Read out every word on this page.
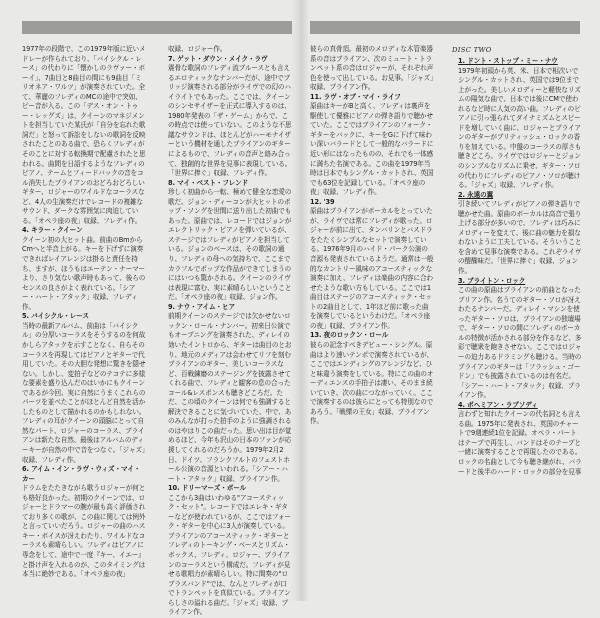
DISC TWO
1977年の段階で、この1979年版に近いメドレーが作られており、「バイシクル・レース」の代わりに「懐かしのラヴァー・ボーイ」、7曲目と8曲目の間にも9曲目「ミリオネア・ワルツ」が演奏されていた。全て、華麗のフレディのMCの途中で突如、ピー音が入る。この「デス・オン・トゥー・レッグズ」は、クイーンのマネジメントを担当していた某氏が「自分を忘れた歌詞だ」と怒って訴訟をしないの歌詞を反映されたことのある曲で、恐らくフレディがそのことに対する転換期で配慮されたと思われる。曲間を日語するようなフレディのピアノ、テームとフィードバックの音をコル消失したブライアンのおどろおどろしいギター、ロジャーのワイルドなコーラスなど、4人の生演奏だけでレコードの複雑なサウンド、ダークな雰囲気に肉迫している。「オペラ座の夜」収録、フレディ作。
4. キラー・クイーン
クイーン初の大ヒット曲。前曲のBmからCmへと半音上がる。キーを下げずに演奏できればレイアレンジは掛ると責任を持ち、ますが、ほうもはエーテン・ナーマーより、さり気ない歌声時もあって、後らのセンスの良さがよく表れている。「シアー・ハート・アタック」収録、フレディ作。
5. バイシクル・レース
当時の最新アルバム、前曲は「バイシクル」の分厚いコーラスをそうするのを何故かしらアタックを示すことなく、自らそのコーラスを再現してはピアノとギターで代用していた。その大胆な発想に驚きを隠せない。しかし、変拍子などのテコテに多様な要素を盛り込んだのはいかにもクイーンであるが今回、実に自然にうまくこれらのパーツを並べたことがほとんど自然を活かしたものとして描かれるのかもしれない。フレディの耳がクイーンの頭脳にとって自然なパート、ロジャーのコーラス、ブライアンは新たな自然、最後はアルバムのディーキーが自然の中で音をつなぐ。「ジャズ」収録、フレディ作。
6. アイム・イン・ラヴ・ウィズ・マイ・カー
ドラムをたたきながら歌うロジャーが何とも格好良かった。初期のクイーンでは、ロジャーとドラマーの腕が最も高く評価されており多くの歌が、この曲に関しては例外と言っていいだろう。ロジャーの曲のハスキー・ボイスが冴えわたり、ワイルドなコーラスも素晴らしい。フレディはピアノに専念をして、途中で一度『キー、イエー』と掛け声を入れるのが、このタイミングは本当に絶妙である。「オペラ座の夜」
収録、ロジャー作。
7. ゲット・ダウン・メイク・ラヴ
震骨な歌詞のフレディ流ブルースとも言えるエロティックなナンバーだが、途中でブリッジ演奏される部分がライヴでの幻のハイライトでもあった。ここでは、クイーンのシンセサイザーを正式に導入するのは、1980年発表の「ザ・ゲーム」からで、この時点では使っていない。このような不思議なサウンドは、ほとんどがハーモナイザーという機材を通したブライアンのギターによるもので、フレディの音声と絡み合って、独創的な世界を見事に表現している。「世界に捧ぐ」収録、フレディ作。
8. マイ・ベスト・フレンド
珍しく初曲から一転、極めて健全な恋愛の歌だ。ジョン・ディーコンが大ヒットのポップ・ソングを世間に送り出した初曲でもあった。原曲では、レコードではジョンがエレクトリック・ピアノを弾いているが、ステージではフレディがピアノを担当している。ジョンのベースは、その歌詞の通り、フレディの母への気持ちで、ここまでカラフルでポップな作品ができてしまうのにはいつも驚かされる。クイーンのライヴは表現に富む、実に素晴らしいということだ。「オペラ座の夜」収録、ジョン作。
9. ナウ・アイム・ヒア
前期クイーンのステージでは欠かせないロックン・ロール・ナンバー。初来日公演でもオープニングを演奏された、ディレイの効いたイントロから、ギターは曲目のとおり、地元のメディアは会わせてリフを刻むブライアンのギター、美しいコーラスなど、百戦錬磨のステージングを披露させてくれる曲で、フレディと観客の息の合ったコール&レスポンスも聴きどころだ。ただ、この頃のクイーンは何でも強調すると解決できることに気づいていた、中で、あのみんなが打った拍手のように強調されるのはやはりこの曲だった。思い出は目が覚めるほど、今年も沢山の日本のファンが応援してくれるのだろうか。1979年2月2日、ドイツ、フランクフルトのフェストホール公演の音源といわれる。「シアー・ハート・アタック」収録、ブライアン作。
10. ドリーマーズ・ボール
ここから3曲はいわゆる"アコースティック・セット"。レコードではエレキ・ギターなどが使われているが、ここではフォーク・ギターを中心に3人が演奏している。ブライアンのアコースティック・ギターとフレディのトーキング・ベースとリズム・ボックス、フレディ、ロジャー、ブライアンのコーラスという構成だ。フレディが見せる歌唱力が素晴らしい。特に間奏の"ロブラスバンド"では、なんとフレディが口でトランペットを真似ている。ブライアンらしさの溢れる曲だ。「ジャズ」収録、ブライアン作。
彼らの真骨頂。最初のメロディな木管楽器系の音はブライアン、次のミュート・トランペット系の音はロジャーが、それぞれ声色を使って出している。お見事。「ジャズ」収録、ブライアン作。
11. ラヴ・オブ・マイ・ライフ
原曲はキーがBと高く、フレディは裏声を駆使して優雅にピアノの弾き語りで聴かせていた。ここではブライアンのフォーク・ギターをバックに、キーをGに下げて味わい深いバラードとして一般的なバラードに近い形にはなったものの、それでも一体感に満ちた名演である。この曲を1979年当時は日本でもシングル・カットされ、英国でも63位を記録している。「オペラ座の夜」収録、フレディ作。
12. '39
原曲はブライアンがボーカルをとっていたが、ライヴでは常にフレディが歌った。ロジャーが前に出て、タンバリンとバスドラをたたくシンプルなセットで演奏している。1976年9月のハイド・パーク公演の音源も発表されているようだ。通常は一般的なカントリー風味のアコースティックな演奏に加え、フレディは楽曲の内容に合わせたような歌い方もしている。ここでは1曲目はステージのアコースティック・セットの2曲目として、1年ほど前に歌った曲を演奏しているというわけだ。「オペラ座の夜」収録、ブライアン作。
13. 夜のロックン・ロール
彼らの記念すべきデビュー・シングル。原曲はより速いテンポで演奏されているが、ここではエンディングのアレンジなど、ひと味違う演奏をしている。特にこの曲のオーディエンスの手拍子は凄い、そのまま続いていき、次の曲につながっていく。ここで演奏するのは彼らにとっても特別なのであろう。「戦慄の王女」収録、ブライアン作。
1. ドント・ストップ・ミー・ナウ
1979年初頭から英、米、日本で相次いでシングル・カットされ、英国では9位まで上がった。美しいメロディーと軽快なリズムの陽気な曲で、日本では後にCMで使われるなど時に人気の高い曲。フレディのピアノに引っ張られてダイナミズムとスピードを増していく曲に、ロジャーとブライアンのギターがブリティッシュ・ロックの香りを加えている。中盤のコーラスの厚さも聴きどころ。ライヴではロジャーとジョンのシンプルなリズムに乗せ、ギター・ソロの代わりにフレディのピアノ・ソロが聴ける。「ジャズ」収録、フレディ作。
2. 永遠の翼
引き続いてフレディがピアノの弾き語りで聴かせた曲。原曲のボーカルは高音で張り上げる部分が多いので、フレディは巧みにメロディーを変えて、後に曲の魅力を損なわないように工夫している。そういうことを含めて見事な演奏である。これぞライヴの醍醐味だ。「世界に捧ぐ」収録、ジョン作。
3. ブライトン・ロック
この曲の原曲はブライアンの前曲となったブリアン作。名うてのギター・ソロが冴えわたるナンバーだ。ディレイ・マシンを使ったギター・ソロは、ブライアンの独壇場で、ギター・ソロの間にフレディのボーカルの特徴が活かされる部分を作るなど、多彩で聴衆を飽きさせない。ここではロジャーの迫力あるドラミングも聴ける。当時のブライアンのギターは「フラッシュ・ゴードン」でも披露されているのは有名だ。「シアー・ハート・アタック」収録、ブライアン作。
4. ボヘミアン・ラプソディ
言わずと知れたクイーンの代名詞とも言える曲。1975年に発表され、英国のチャートで9週連続1位を記録。オペラ・パートはテープで再生し、バンドはそのテープと一緒に演奏することで再現したのである。ロックの名曲として今も聴き継がれ、バラードと後半のハード・ロックの部分を見事
